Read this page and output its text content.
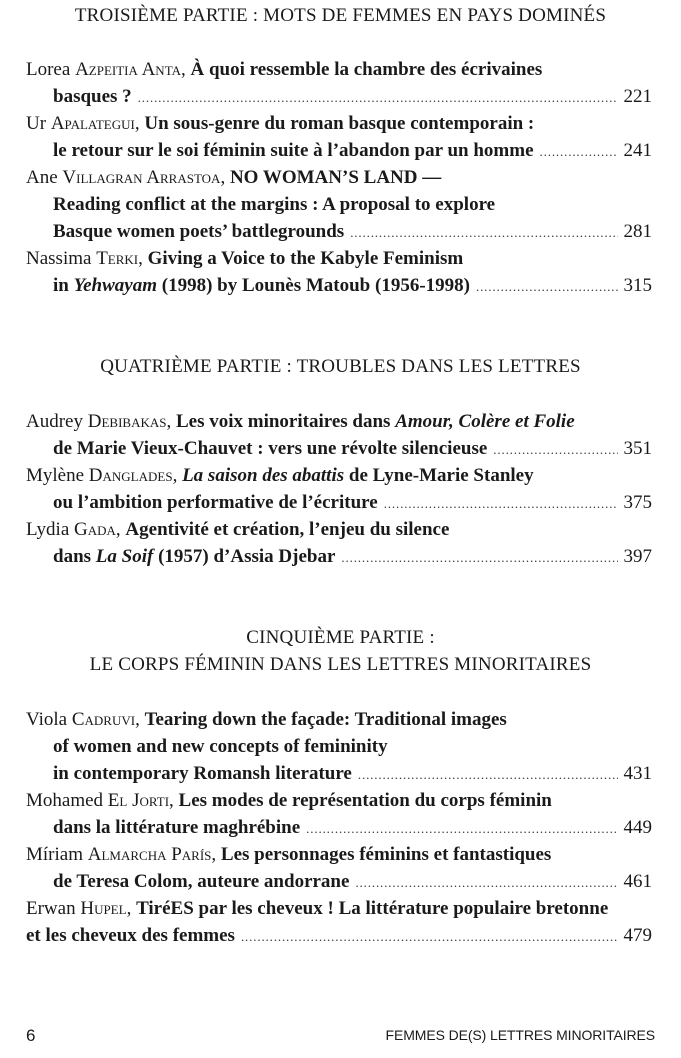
TROISIÈME PARTIE : MOTS DE FEMMES EN PAYS DOMINÉS
Lorea Azpeitia Anta, À quoi ressemble la chambre des écrivaines
basques ? . . .	221
Ur Apalategui, Un sous-genre du roman basque contemporain :
le retour sur le soi féminin suite à l’abandon par un homme . . .	241
Ane Villagran Arrastoa, NO WOMAN’S LAND —
Reading conflict at the margins : A proposal to explore
Basque women poets’ battlegrounds . . .	281
Nassima Terki, Giving a Voice to the Kabyle Feminism
in Yehwayam (1998) by Lounès Matoub (1956-1998) . . .	315
QUATRIÈME PARTIE : TROUBLES DANS LES LETTRES
Audrey Debibakas, Les voix minoritaires dans Amour, Colère et Folie
de Marie Vieux-Chauvet : vers une révolte silencieuse . . .	351
Mylène Danglades, La saison des abattis de Lyne-Marie Stanley
ou l’ambition performative de l’écriture . . .	375
Lydia Gada, Agentivité et création, l’enjeu du silence
dans La Soif (1957) d’Assia Djebar . . .	397
CINQUIÈME PARTIE :
LE CORPS FÉMININ DANS LES LETTRES MINORITAIRES
Viola Cadruvi, Tearing down the façade: Traditional images
of women and new concepts of femininity
in contemporary Romansh literature . . .	431
Mohamed El Jorti, Les modes de représentation du corps féminin
dans la littérature maghrébine . . .	449
Míriam Almarcha París, Les personnages féminins et fantastiques
de Teresa Colom, auteure andorrane . . .	461
Erwan Hupel, TiréES par les cheveux ! La littérature populaire bretonne
et les cheveux des femmes . . .	479
6	FEMMES DE(S) LETTRES MINORITAIRES
